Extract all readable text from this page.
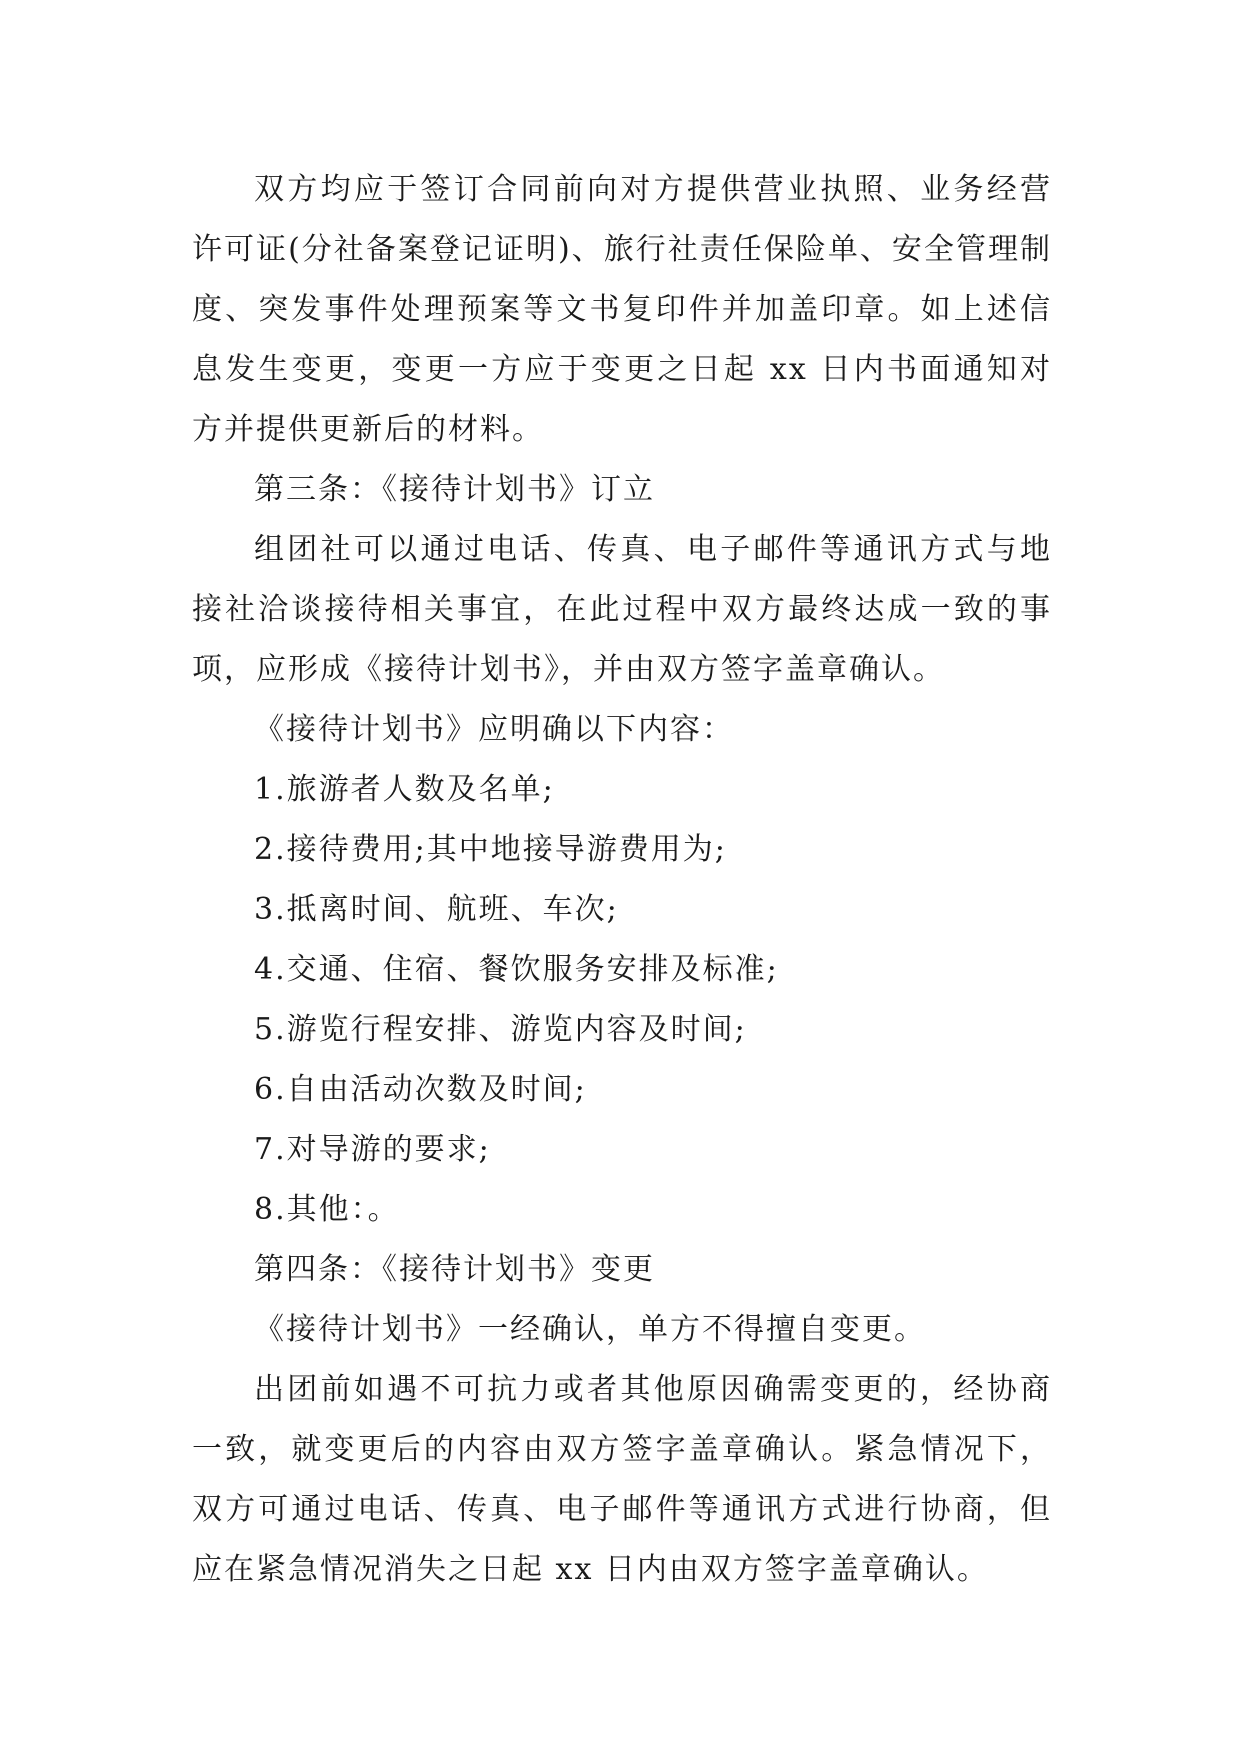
双方均应于签订合同前向对方提供营业执照、业务经营许可证(分社备案登记证明)、旅行社责任保险单、安全管理制度、突发事件处理预案等文书复印件并加盖印章。如上述信息发生变更，变更一方应于变更之日起 xx 日内书面通知对方并提供更新后的材料。

第三条：《接待计划书》订立

组团社可以通过电话、传真、电子邮件等通讯方式与地接社洽谈接待相关事宜，在此过程中双方最终达成一致的事项，应形成《接待计划书》，并由双方签字盖章确认。

《接待计划书》应明确以下内容：

1.旅游者人数及名单;

2.接待费用;其中地接导游费用为;

3.抵离时间、航班、车次;

4.交通、住宿、餐饮服务安排及标准;

5.游览行程安排、游览内容及时间;

6.自由活动次数及时间;

7.对导游的要求;

8.其他：。

第四条：《接待计划书》变更

《接待计划书》一经确认，单方不得擅自变更。

出团前如遇不可抗力或者其他原因确需变更的，经协商一致，就变更后的内容由双方签字盖章确认。紧急情况下，双方可通过电话、传真、电子邮件等通讯方式进行协商，但应在紧急情况消失之日起 xx 日内由双方签字盖章确认。
